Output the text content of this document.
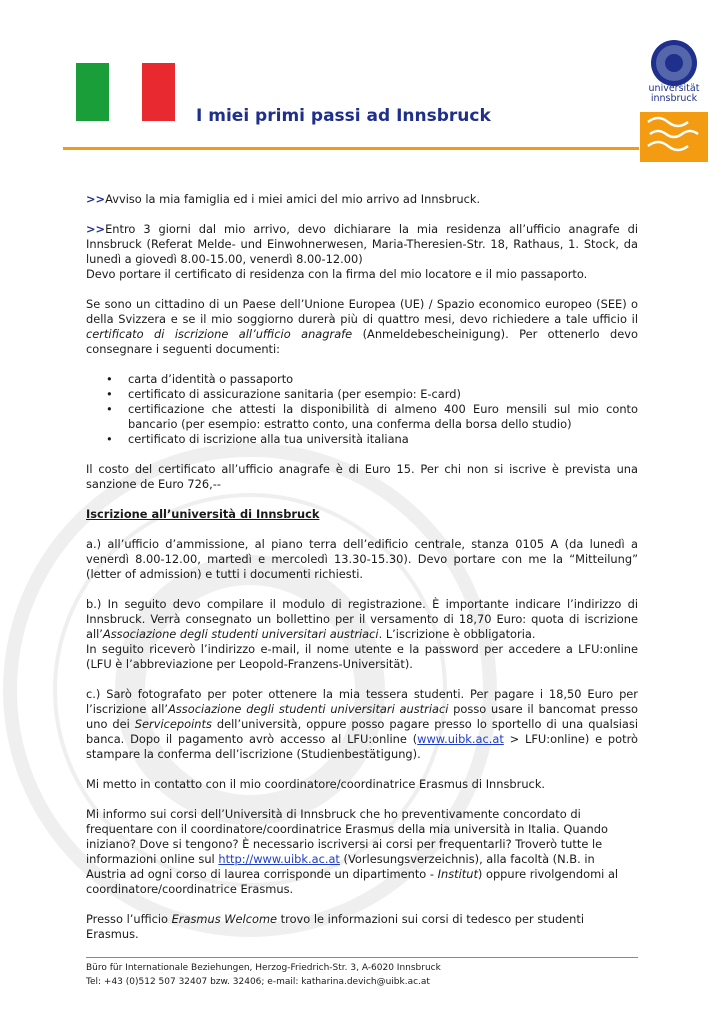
I miei primi passi ad Innsbruck
universität
innsbruck

>>Avviso la mia famiglia ed i miei amici del mio arrivo ad Innsbruck.

>>Entro 3 giorni dal mio arrivo, devo dichiarare la mia residenza all’ufficio anagrafe di Innsbruck (Referat Melde- und Einwohnerwesen, Maria-Theresien-Str. 18, Rathaus, 1. Stock, da lunedì a giovedì 8.00-15.00, venerdì 8.00-12.00)
Devo portare il certificato di residenza con la firma del mio locatore e il mio passaporto.

Se sono un cittadino di un Paese dell’Unione Europea (UE) / Spazio economico europeo (SEE) o della Svizzera e se il mio soggiorno durerà più di quattro mesi, devo richiedere a tale ufficio il certificato di iscrizione all’ufficio anagrafe (Anmeldebescheinigung). Per ottenerlo devo consegnare i seguenti documenti:

• carta d’identità o passaporto
• certificato di assicurazione sanitaria (per esempio: E-card)
• certificazione che attesti la disponibilità di almeno 400 Euro mensili sul mio conto bancario (per esempio: estratto conto, una conferma della borsa dello studio)
• certificato di iscrizione alla tua università italiana

Il costo del certificato all’ufficio anagrafe è di Euro 15. Per chi non si iscrive è prevista una sanzione de Euro 726,--

Iscrizione all’università di Innsbruck

a.) all’ufficio d’ammissione, al piano terra dell’edificio centrale, stanza 0105 A (da lunedì a venerdì 8.00-12.00, martedì e mercoledì 13.30-15.30). Devo portare con me la “Mitteilung” (letter of admission) e tutti i documenti richiesti.

b.) In seguito devo compilare il modulo di registrazione. È importante indicare l’indirizzo di Innsbruck. Verrà consegnato un bollettino per il versamento di 18,70 Euro: quota di iscrizione all’Associazione degli studenti universitari austriaci. L’iscrizione è obbligatoria.
In seguito riceverò l’indirizzo e-mail, il nome utente e la password per accedere a LFU:online (LFU è l’abbreviazione per Leopold-Franzens-Universität).

c.) Sarò fotografato per poter ottenere la mia tessera studenti. Per pagare i 18,50 Euro per l’iscrizione all’Associazione degli studenti universitari austriaci posso usare il bancomat presso uno dei Servicepoints dell’università, oppure posso pagare presso lo sportello di una qualsiasi banca. Dopo il pagamento avrò accesso al LFU:online (www.uibk.ac.at > LFU:online) e potrò stampare la conferma dell’iscrizione (Studienbestätigung).

Mi metto in contatto con il mio coordinatore/coordinatrice Erasmus di Innsbruck.

Mi informo sui corsi dell’Università di Innsbruck che ho preventivamente concordato di frequentare con il coordinatore/coordinatrice Erasmus della mia università in Italia. Quando iniziano? Dove si tengono? È necessario iscriversi ai corsi per frequentarli? Troverò tutte le informazioni online sul http://www.uibk.ac.at (Vorlesungsverzeichnis), alla facoltà (N.B. in Austria ad ogni corso di laurea corrisponde un dipartimento - Institut) oppure rivolgendomi al coordinatore/coordinatrice Erasmus.

Presso l’ufficio Erasmus Welcome trovo le informazioni sui corsi di tedesco per studenti Erasmus.

Büro für Internationale Beziehungen, Herzog-Friedrich-Str. 3, A-6020 Innsbruck
Tel: +43 (0)512 507 32407 bzw. 32406; e-mail: katharina.devich@uibk.ac.at
